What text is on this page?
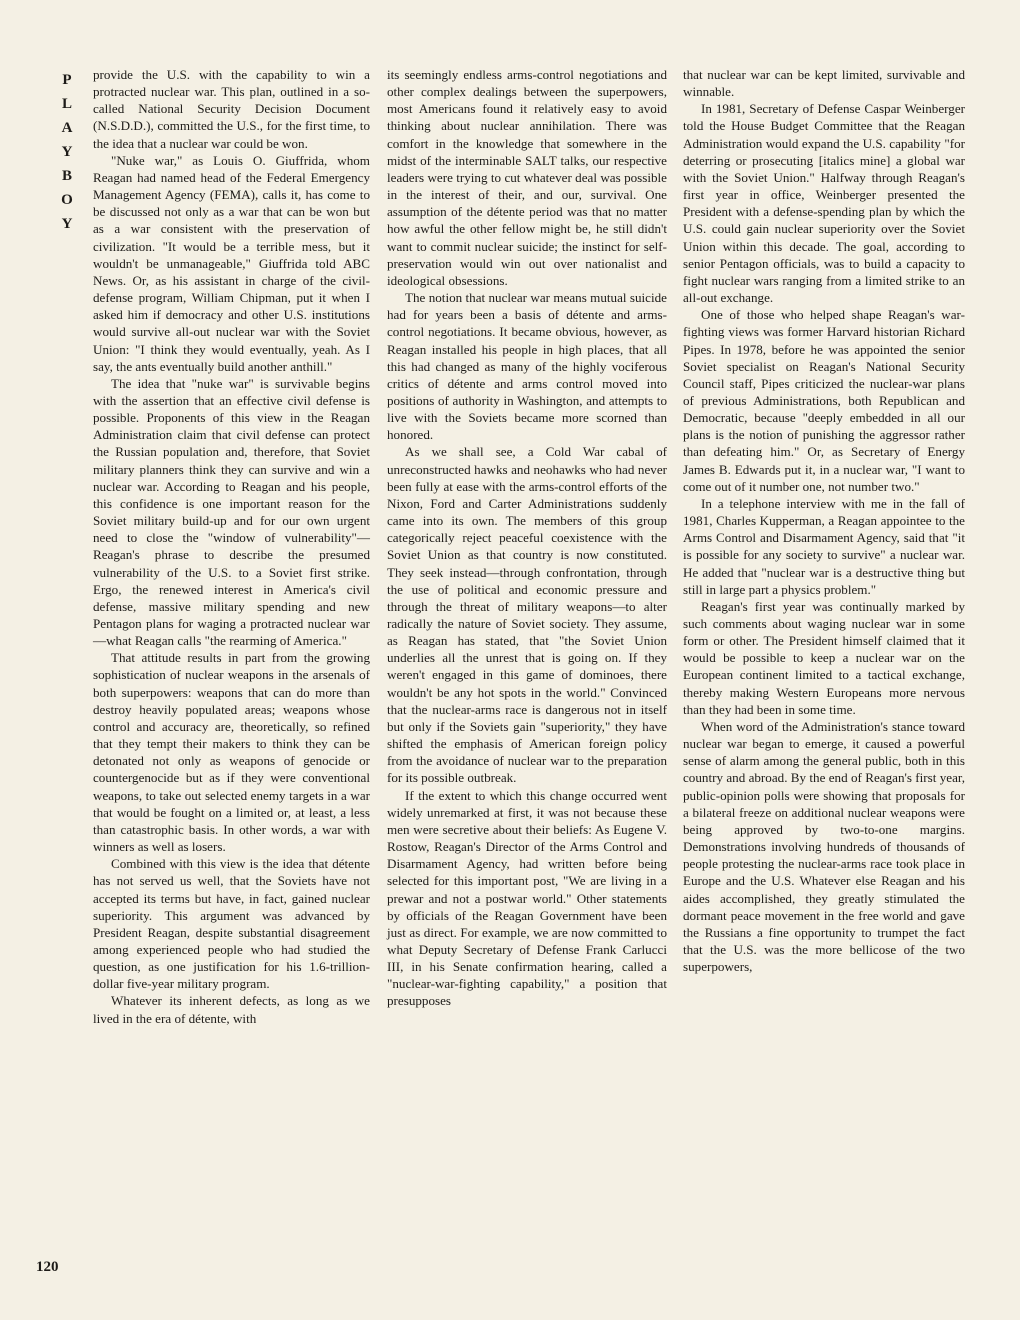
P
L
A
Y
B
O
Y
120

provide the U.S. with the capability to win a protracted nuclear war. This plan, outlined in a so-called National Security Decision Document (N.S.D.D.), committed the U.S., for the first time, to the idea that a nuclear war could be won.

"Nuke war," as Louis O. Giuffrida, whom Reagan had named head of the Federal Emergency Management Agency (FEMA), calls it, has come to be discussed not only as a war that can be won but as a war consistent with the preservation of civilization. "It would be a terrible mess, but it wouldn't be unmanageable," Giuffrida told ABC News. Or, as his assistant in charge of the civil-defense program, William Chipman, put it when I asked him if democracy and other U.S. institutions would survive all-out nuclear war with the Soviet Union: "I think they would eventually, yeah. As I say, the ants eventually build another anthill."

The idea that "nuke war" is survivable begins with the assertion that an effective civil defense is possible. Proponents of this view in the Reagan Administration claim that civil defense can protect the Russian population and, therefore, that Soviet military planners think they can survive and win a nuclear war. According to Reagan and his people, this confidence is one important reason for the Soviet military build-up and for our own urgent need to close the "window of vulnerability"—Reagan's phrase to describe the presumed vulnerability of the U.S. to a Soviet first strike. Ergo, the renewed interest in America's civil defense, massive military spending and new Pentagon plans for waging a protracted nuclear war—what Reagan calls "the rearming of America."

That attitude results in part from the growing sophistication of nuclear weapons in the arsenals of both superpowers: weapons that can do more than destroy heavily populated areas; weapons whose control and accuracy are, theoretically, so refined that they tempt their makers to think they can be detonated not only as weapons of genocide or countergenocide but as if they were conventional weapons, to take out selected enemy targets in a war that would be fought on a limited or, at least, a less than catastrophic basis. In other words, a war with winners as well as losers.

Combined with this view is the idea that détente has not served us well, that the Soviets have not accepted its terms but have, in fact, gained nuclear superiority. This argument was advanced by President Reagan, despite substantial disagreement among experienced people who had studied the question, as one justification for his 1.6-trillion-dollar five-year military program.

Whatever its inherent defects, as long as we lived in the era of détente, with

its seemingly endless arms-control negotiations and other complex dealings between the superpowers, most Americans found it relatively easy to avoid thinking about nuclear annihilation. There was comfort in the knowledge that somewhere in the midst of the interminable SALT talks, our respective leaders were trying to cut whatever deal was possible in the interest of their, and our, survival. One assumption of the détente period was that no matter how awful the other fellow might be, he still didn't want to commit nuclear suicide; the instinct for self-preservation would win out over nationalist and ideological obsessions.

The notion that nuclear war means mutual suicide had for years been a basis of détente and arms-control negotiations. It became obvious, however, as Reagan installed his people in high places, that all this had changed as many of the highly vociferous critics of détente and arms control moved into positions of authority in Washington, and attempts to live with the Soviets became more scorned than honored.

As we shall see, a Cold War cabal of unreconstructed hawks and neohawks who had never been fully at ease with the arms-control efforts of the Nixon, Ford and Carter Administrations suddenly came into its own. The members of this group categorically reject peaceful coexistence with the Soviet Union as that country is now constituted. They seek instead—through confrontation, through the use of political and economic pressure and through the threat of military weapons—to alter radically the nature of Soviet society. They assume, as Reagan has stated, that "the Soviet Union underlies all the unrest that is going on. If they weren't engaged in this game of dominoes, there wouldn't be any hot spots in the world." Convinced that the nuclear-arms race is dangerous not in itself but only if the Soviets gain "superiority," they have shifted the emphasis of American foreign policy from the avoidance of nuclear war to the preparation for its possible outbreak.

If the extent to which this change occurred went widely unremarked at first, it was not because these men were secretive about their beliefs: As Eugene V. Rostow, Reagan's Director of the Arms Control and Disarmament Agency, had written before being selected for this important post, "We are living in a prewar and not a postwar world." Other statements by officials of the Reagan Government have been just as direct. For example, we are now committed to what Deputy Secretary of Defense Frank Carlucci III, in his Senate confirmation hearing, called a "nuclear-war-fighting capability," a position that presupposes

that nuclear war can be kept limited, survivable and winnable.

In 1981, Secretary of Defense Caspar Weinberger told the House Budget Committee that the Reagan Administration would expand the U.S. capability "for deterring or prosecuting [italics mine] a global war with the Soviet Union." Halfway through Reagan's first year in office, Weinberger presented the President with a defense-spending plan by which the U.S. could gain nuclear superiority over the Soviet Union within this decade. The goal, according to senior Pentagon officials, was to build a capacity to fight nuclear wars ranging from a limited strike to an all-out exchange.

One of those who helped shape Reagan's war-fighting views was former Harvard historian Richard Pipes. In 1978, before he was appointed the senior Soviet specialist on Reagan's National Security Council staff, Pipes criticized the nuclear-war plans of previous Administrations, both Republican and Democratic, because "deeply embedded in all our plans is the notion of punishing the aggressor rather than defeating him." Or, as Secretary of Energy James B. Edwards put it, in a nuclear war, "I want to come out of it number one, not number two."

In a telephone interview with me in the fall of 1981, Charles Kupperman, a Reagan appointee to the Arms Control and Disarmament Agency, said that "it is possible for any society to survive" a nuclear war. He added that "nuclear war is a destructive thing but still in large part a physics problem."

Reagan's first year was continually marked by such comments about waging nuclear war in some form or other. The President himself claimed that it would be possible to keep a nuclear war on the European continent limited to a tactical exchange, thereby making Western Europeans more nervous than they had been in some time.

When word of the Administration's stance toward nuclear war began to emerge, it caused a powerful sense of alarm among the general public, both in this country and abroad. By the end of Reagan's first year, public-opinion polls were showing that proposals for a bilateral freeze on additional nuclear weapons were being approved by two-to-one margins. Demonstrations involving hundreds of thousands of people protesting the nuclear-arms race took place in Europe and the U.S. Whatever else Reagan and his aides accomplished, they greatly stimulated the dormant peace movement in the free world and gave the Russians a fine opportunity to trumpet the fact that the U.S. was the more bellicose of the two superpowers,
